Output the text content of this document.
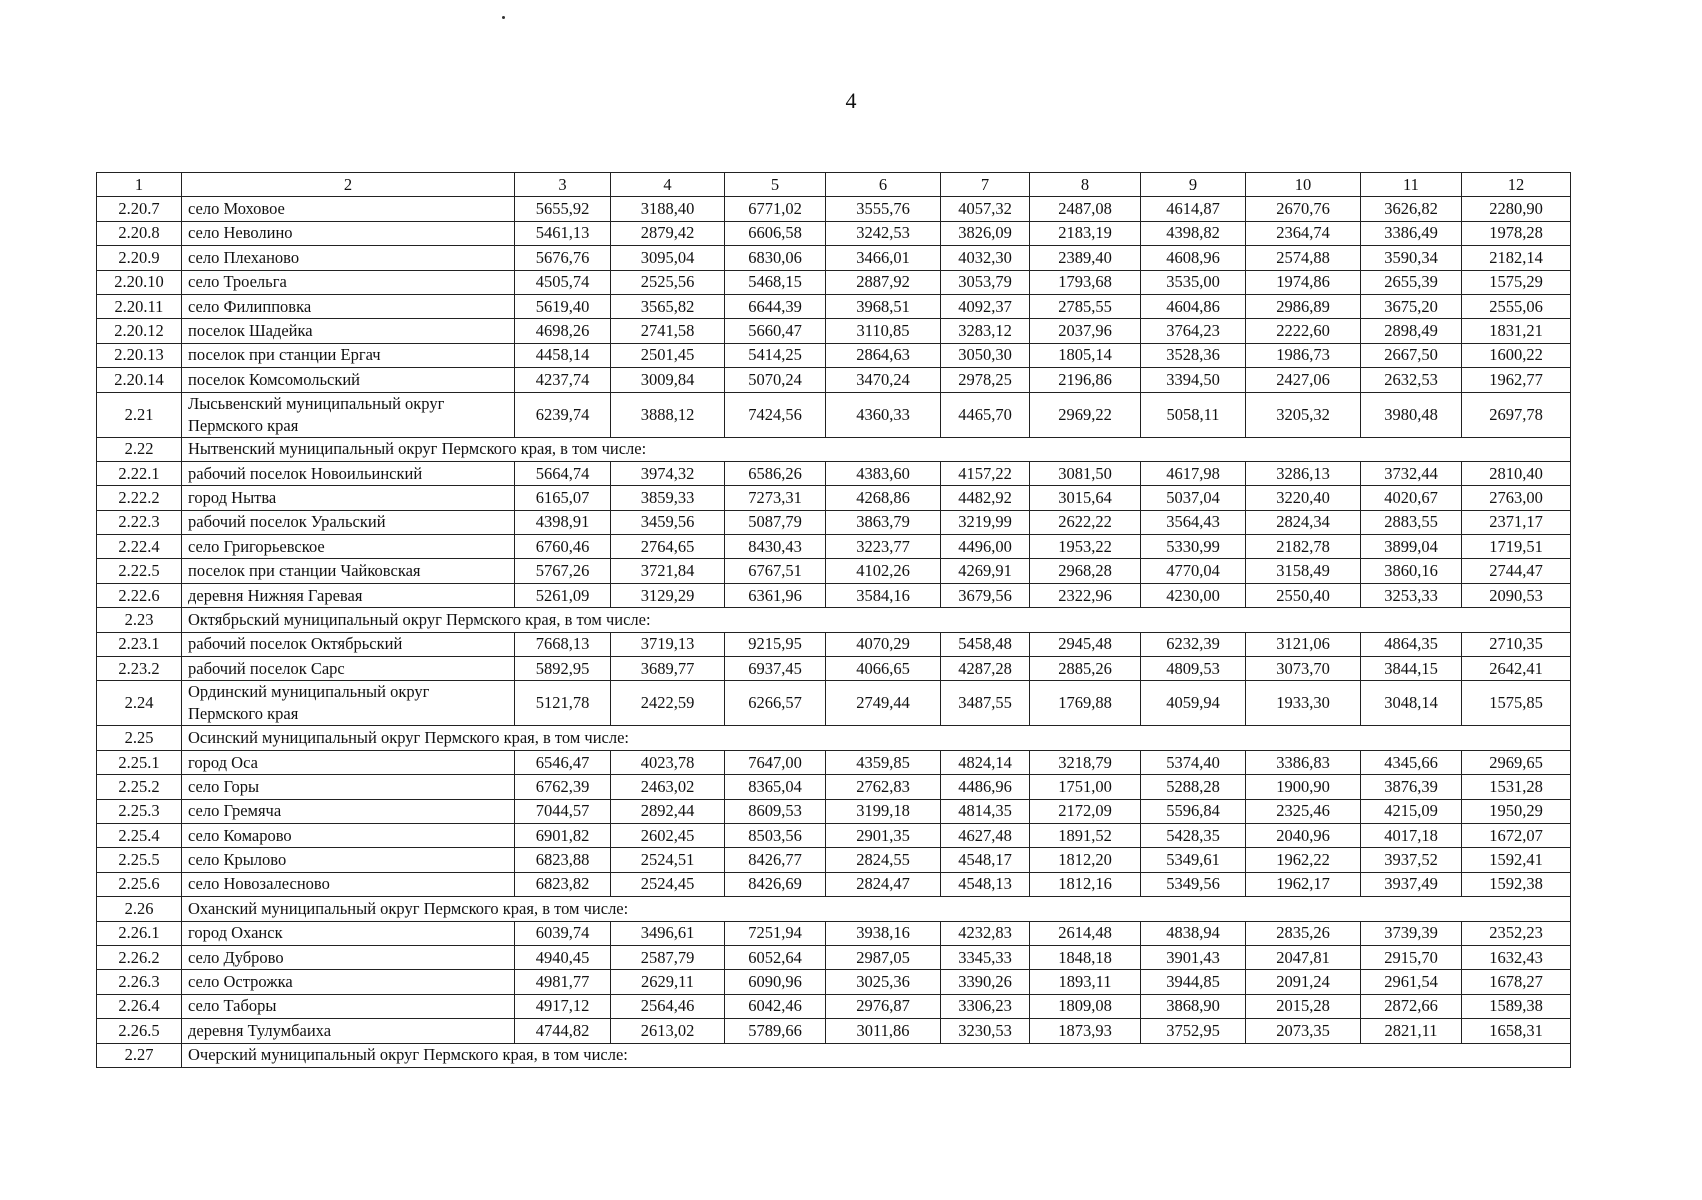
4
1	2	3	4	5	6	7	8	9	10	11	12
2.20.7	село Моховое	5655,92	3188,40	6771,02	3555,76	4057,32	2487,08	4614,87	2670,76	3626,82	2280,90
2.20.8	село Неволино	5461,13	2879,42	6606,58	3242,53	3826,09	2183,19	4398,82	2364,74	3386,49	1978,28
2.20.9	село Плеханово	5676,76	3095,04	6830,06	3466,01	4032,30	2389,40	4608,96	2574,88	3590,34	2182,14
2.20.10	село Троельга	4505,74	2525,56	5468,15	2887,92	3053,79	1793,68	3535,00	1974,86	2655,39	1575,29
2.20.11	село Филипповка	5619,40	3565,82	6644,39	3968,51	4092,37	2785,55	4604,86	2986,89	3675,20	2555,06
2.20.12	поселок Шадейка	4698,26	2741,58	5660,47	3110,85	3283,12	2037,96	3764,23	2222,60	2898,49	1831,21
2.20.13	поселок при станции Ергач	4458,14	2501,45	5414,25	2864,63	3050,30	1805,14	3528,36	1986,73	2667,50	1600,22
2.20.14	поселок Комсомольский	4237,74	3009,84	5070,24	3470,24	2978,25	2196,86	3394,50	2427,06	2632,53	1962,77
2.21	Лысьвенский муниципальный округ Пермского края	6239,74	3888,12	7424,56	4360,33	4465,70	2969,22	5058,11	3205,32	3980,48	2697,78
2.22	Нытвенский муниципальный округ Пермского края, в том числе:										
2.22.1	рабочий поселок Новоильинский	5664,74	3974,32	6586,26	4383,60	4157,22	3081,50	4617,98	3286,13	3732,44	2810,40
2.22.2	город Нытва	6165,07	3859,33	7273,31	4268,86	4482,92	3015,64	5037,04	3220,40	4020,67	2763,00
2.22.3	рабочий поселок Уральский	4398,91	3459,56	5087,79	3863,79	3219,99	2622,22	3564,43	2824,34	2883,55	2371,17
2.22.4	село Григорьевское	6760,46	2764,65	8430,43	3223,77	4496,00	1953,22	5330,99	2182,78	3899,04	1719,51
2.22.5	поселок при станции Чайковская	5767,26	3721,84	6767,51	4102,26	4269,91	2968,28	4770,04	3158,49	3860,16	2744,47
2.22.6	деревня Нижняя Гаревая	5261,09	3129,29	6361,96	3584,16	3679,56	2322,96	4230,00	2550,40	3253,33	2090,53
2.23	Октябрьский муниципальный округ Пермского края, в том числе:										
2.23.1	рабочий поселок Октябрьский	7668,13	3719,13	9215,95	4070,29	5458,48	2945,48	6232,39	3121,06	4864,35	2710,35
2.23.2	рабочий поселок Сарс	5892,95	3689,77	6937,45	4066,65	4287,28	2885,26	4809,53	3073,70	3844,15	2642,41
2.24	Ординский муниципальный округ Пермского края	5121,78	2422,59	6266,57	2749,44	3487,55	1769,88	4059,94	1933,30	3048,14	1575,85
2.25	Осинский муниципальный округ Пермского края, в том числе:										
2.25.1	город Оса	6546,47	4023,78	7647,00	4359,85	4824,14	3218,79	5374,40	3386,83	4345,66	2969,65
2.25.2	село Горы	6762,39	2463,02	8365,04	2762,83	4486,96	1751,00	5288,28	1900,90	3876,39	1531,28
2.25.3	село Гремяча	7044,57	2892,44	8609,53	3199,18	4814,35	2172,09	5596,84	2325,46	4215,09	1950,29
2.25.4	село Комарово	6901,82	2602,45	8503,56	2901,35	4627,48	1891,52	5428,35	2040,96	4017,18	1672,07
2.25.5	село Крылово	6823,88	2524,51	8426,77	2824,55	4548,17	1812,20	5349,61	1962,22	3937,52	1592,41
2.25.6	село Новозалесново	6823,82	2524,45	8426,69	2824,47	4548,13	1812,16	5349,56	1962,17	3937,49	1592,38
2.26	Оханский муниципальный округ Пермского края, в том числе:										
2.26.1	город Оханск	6039,74	3496,61	7251,94	3938,16	4232,83	2614,48	4838,94	2835,26	3739,39	2352,23
2.26.2	село Дуброво	4940,45	2587,79	6052,64	2987,05	3345,33	1848,18	3901,43	2047,81	2915,70	1632,43
2.26.3	село Острожка	4981,77	2629,11	6090,96	3025,36	3390,26	1893,11	3944,85	2091,24	2961,54	1678,27
2.26.4	село Таборы	4917,12	2564,46	6042,46	2976,87	3306,23	1809,08	3868,90	2015,28	2872,66	1589,38
2.26.5	деревня Тулумбаиха	4744,82	2613,02	5789,66	3011,86	3230,53	1873,93	3752,95	2073,35	2821,11	1658,31
2.27	Очерский муниципальный округ Пермского края, в том числе:										
